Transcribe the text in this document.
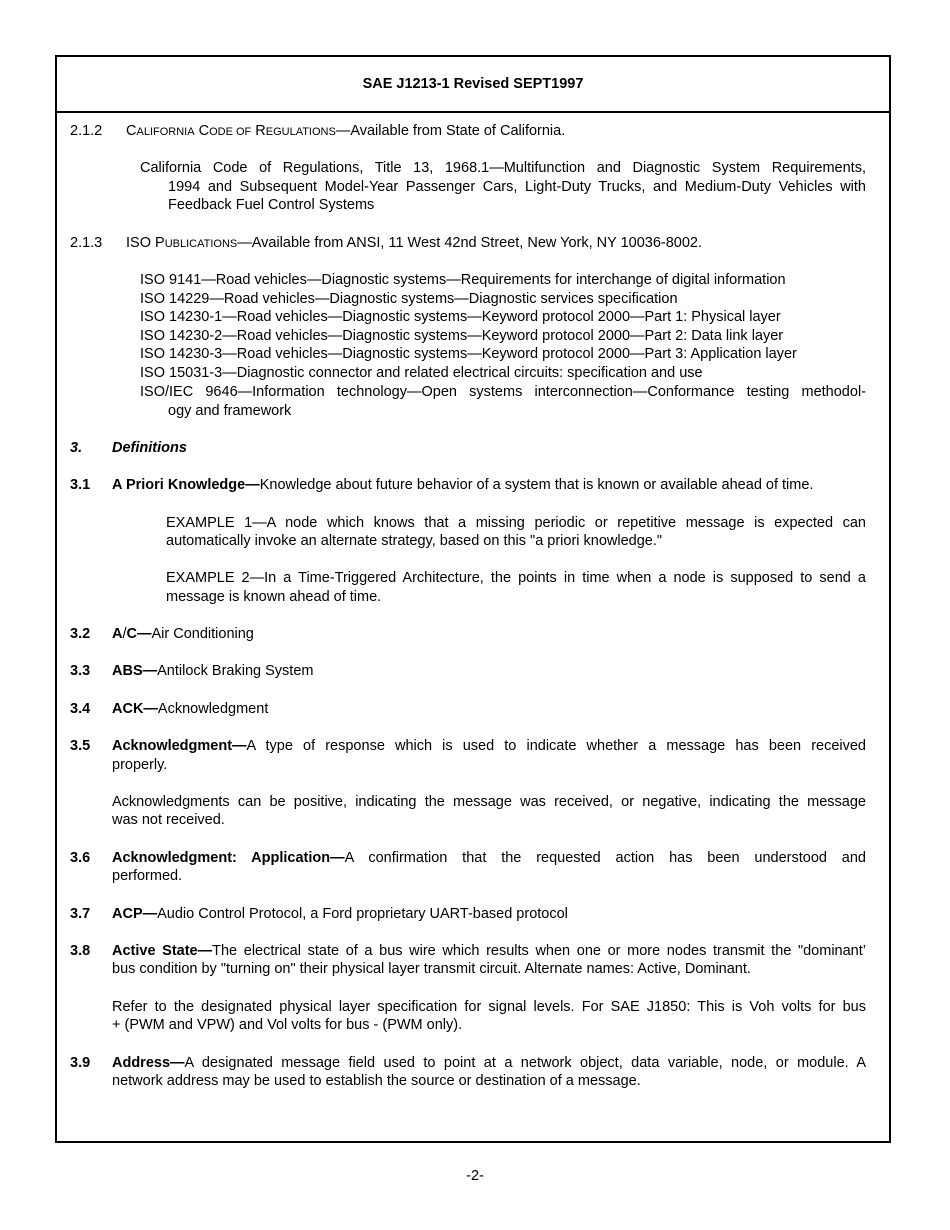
SAE J1213-1 Revised SEPT1997
2.1.2 CALIFORNIA CODE OF REGULATIONS—Available from State of California.
California Code of Regulations, Title 13, 1968.1—Multifunction and Diagnostic System Requirements,
1994 and Subsequent Model-Year Passenger Cars, Light-Duty Trucks, and Medium-Duty Vehicles with
Feedback Fuel Control Systems
2.1.3 ISO PUBLICATIONS—Available from ANSI, 11 West 42nd Street, New York, NY 10036-8002.
ISO 9141—Road vehicles—Diagnostic systems—Requirements for interchange of digital information
ISO 14229—Road vehicles—Diagnostic systems—Diagnostic services specification
ISO 14230-1—Road vehicles—Diagnostic systems—Keyword protocol 2000—Part 1: Physical layer
ISO 14230-2—Road vehicles—Diagnostic systems—Keyword protocol 2000—Part 2: Data link layer
ISO 14230-3—Road vehicles—Diagnostic systems—Keyword protocol 2000—Part 3: Application layer
ISO 15031-3—Diagnostic connector and related electrical circuits: specification and use
ISO/IEC 9646—Information technology—Open systems interconnection—Conformance testing methodol-
ogy and framework
3. Definitions
3.1 A Priori Knowledge—Knowledge about future behavior of a system that is known or available ahead of time.
EXAMPLE 1—A node which knows that a missing periodic or repetitive message is expected can
automatically invoke an alternate strategy, based on this "a priori knowledge."
EXAMPLE 2—In a Time-Triggered Architecture, the points in time when a node is supposed to send a
message is known ahead of time.
3.2 A/C—Air Conditioning
3.3 ABS—Antilock Braking System
3.4 ACK—Acknowledgment
3.5 Acknowledgment—A type of response which is used to indicate whether a message has been received
properly.
Acknowledgments can be positive, indicating the message was received, or negative, indicating the message
was not received.
3.6 Acknowledgment: Application—A confirmation that the requested action has been understood and
performed.
3.7 ACP—Audio Control Protocol, a Ford proprietary UART-based protocol
3.8 Active State—The electrical state of a bus wire which results when one or more nodes transmit the "dominant’
bus condition by "turning on" their physical layer transmit circuit. Alternate names: Active, Dominant.
Refer to the designated physical layer specification for signal levels. For SAE J1850: This is Voh volts for bus
+ (PWM and VPW) and Vol volts for bus - (PWM only).
3.9 Address—A designated message field used to point at a network object, data variable, node, or module. A
network address may be used to establish the source or destination of a message.
-2-
